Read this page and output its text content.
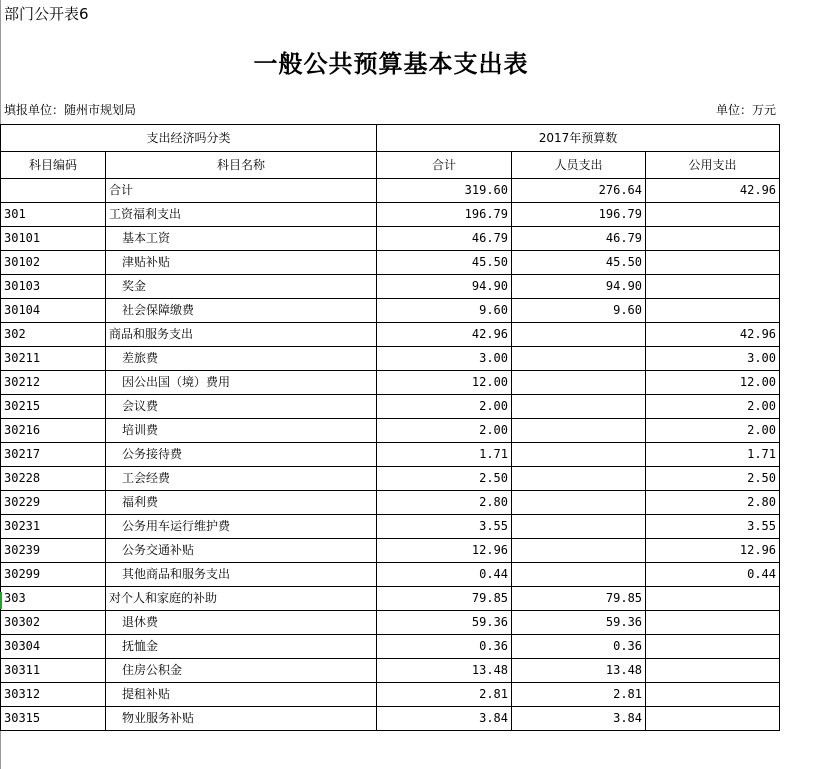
部门公开表6
一般公共预算基本支出表
填报单位：随州市规划局	单位：万元
支出经济吗分类		2017年预算数		
科目编码	科目名称	合计	人员支出	公用支出
	合计	319.60	276.64	42.96
301	工资福利支出	196.79	196.79	
30101	基本工资	46.79	46.79	
30102	津贴补贴	45.50	45.50	
30103	奖金	94.90	94.90	
30104	社会保障缴费	9.60	9.60	
302	商品和服务支出	42.96		42.96
30211	差旅费	3.00		3.00
30212	因公出国（境）费用	12.00		12.00
30215	会议费	2.00		2.00
30216	培训费	2.00		2.00
30217	公务接待费	1.71		1.71
30228	工会经费	2.50		2.50
30229	福利费	2.80		2.80
30231	公务用车运行维护费	3.55		3.55
30239	公务交通补贴	12.96		12.96
30299	其他商品和服务支出	0.44		0.44
303	对个人和家庭的补助	79.85	79.85	
30302	退休费	59.36	59.36	
30304	抚恤金	0.36	0.36	
30311	住房公积金	13.48	13.48	
30312	提租补贴	2.81	2.81	
30315	物业服务补贴	3.84	3.84	
